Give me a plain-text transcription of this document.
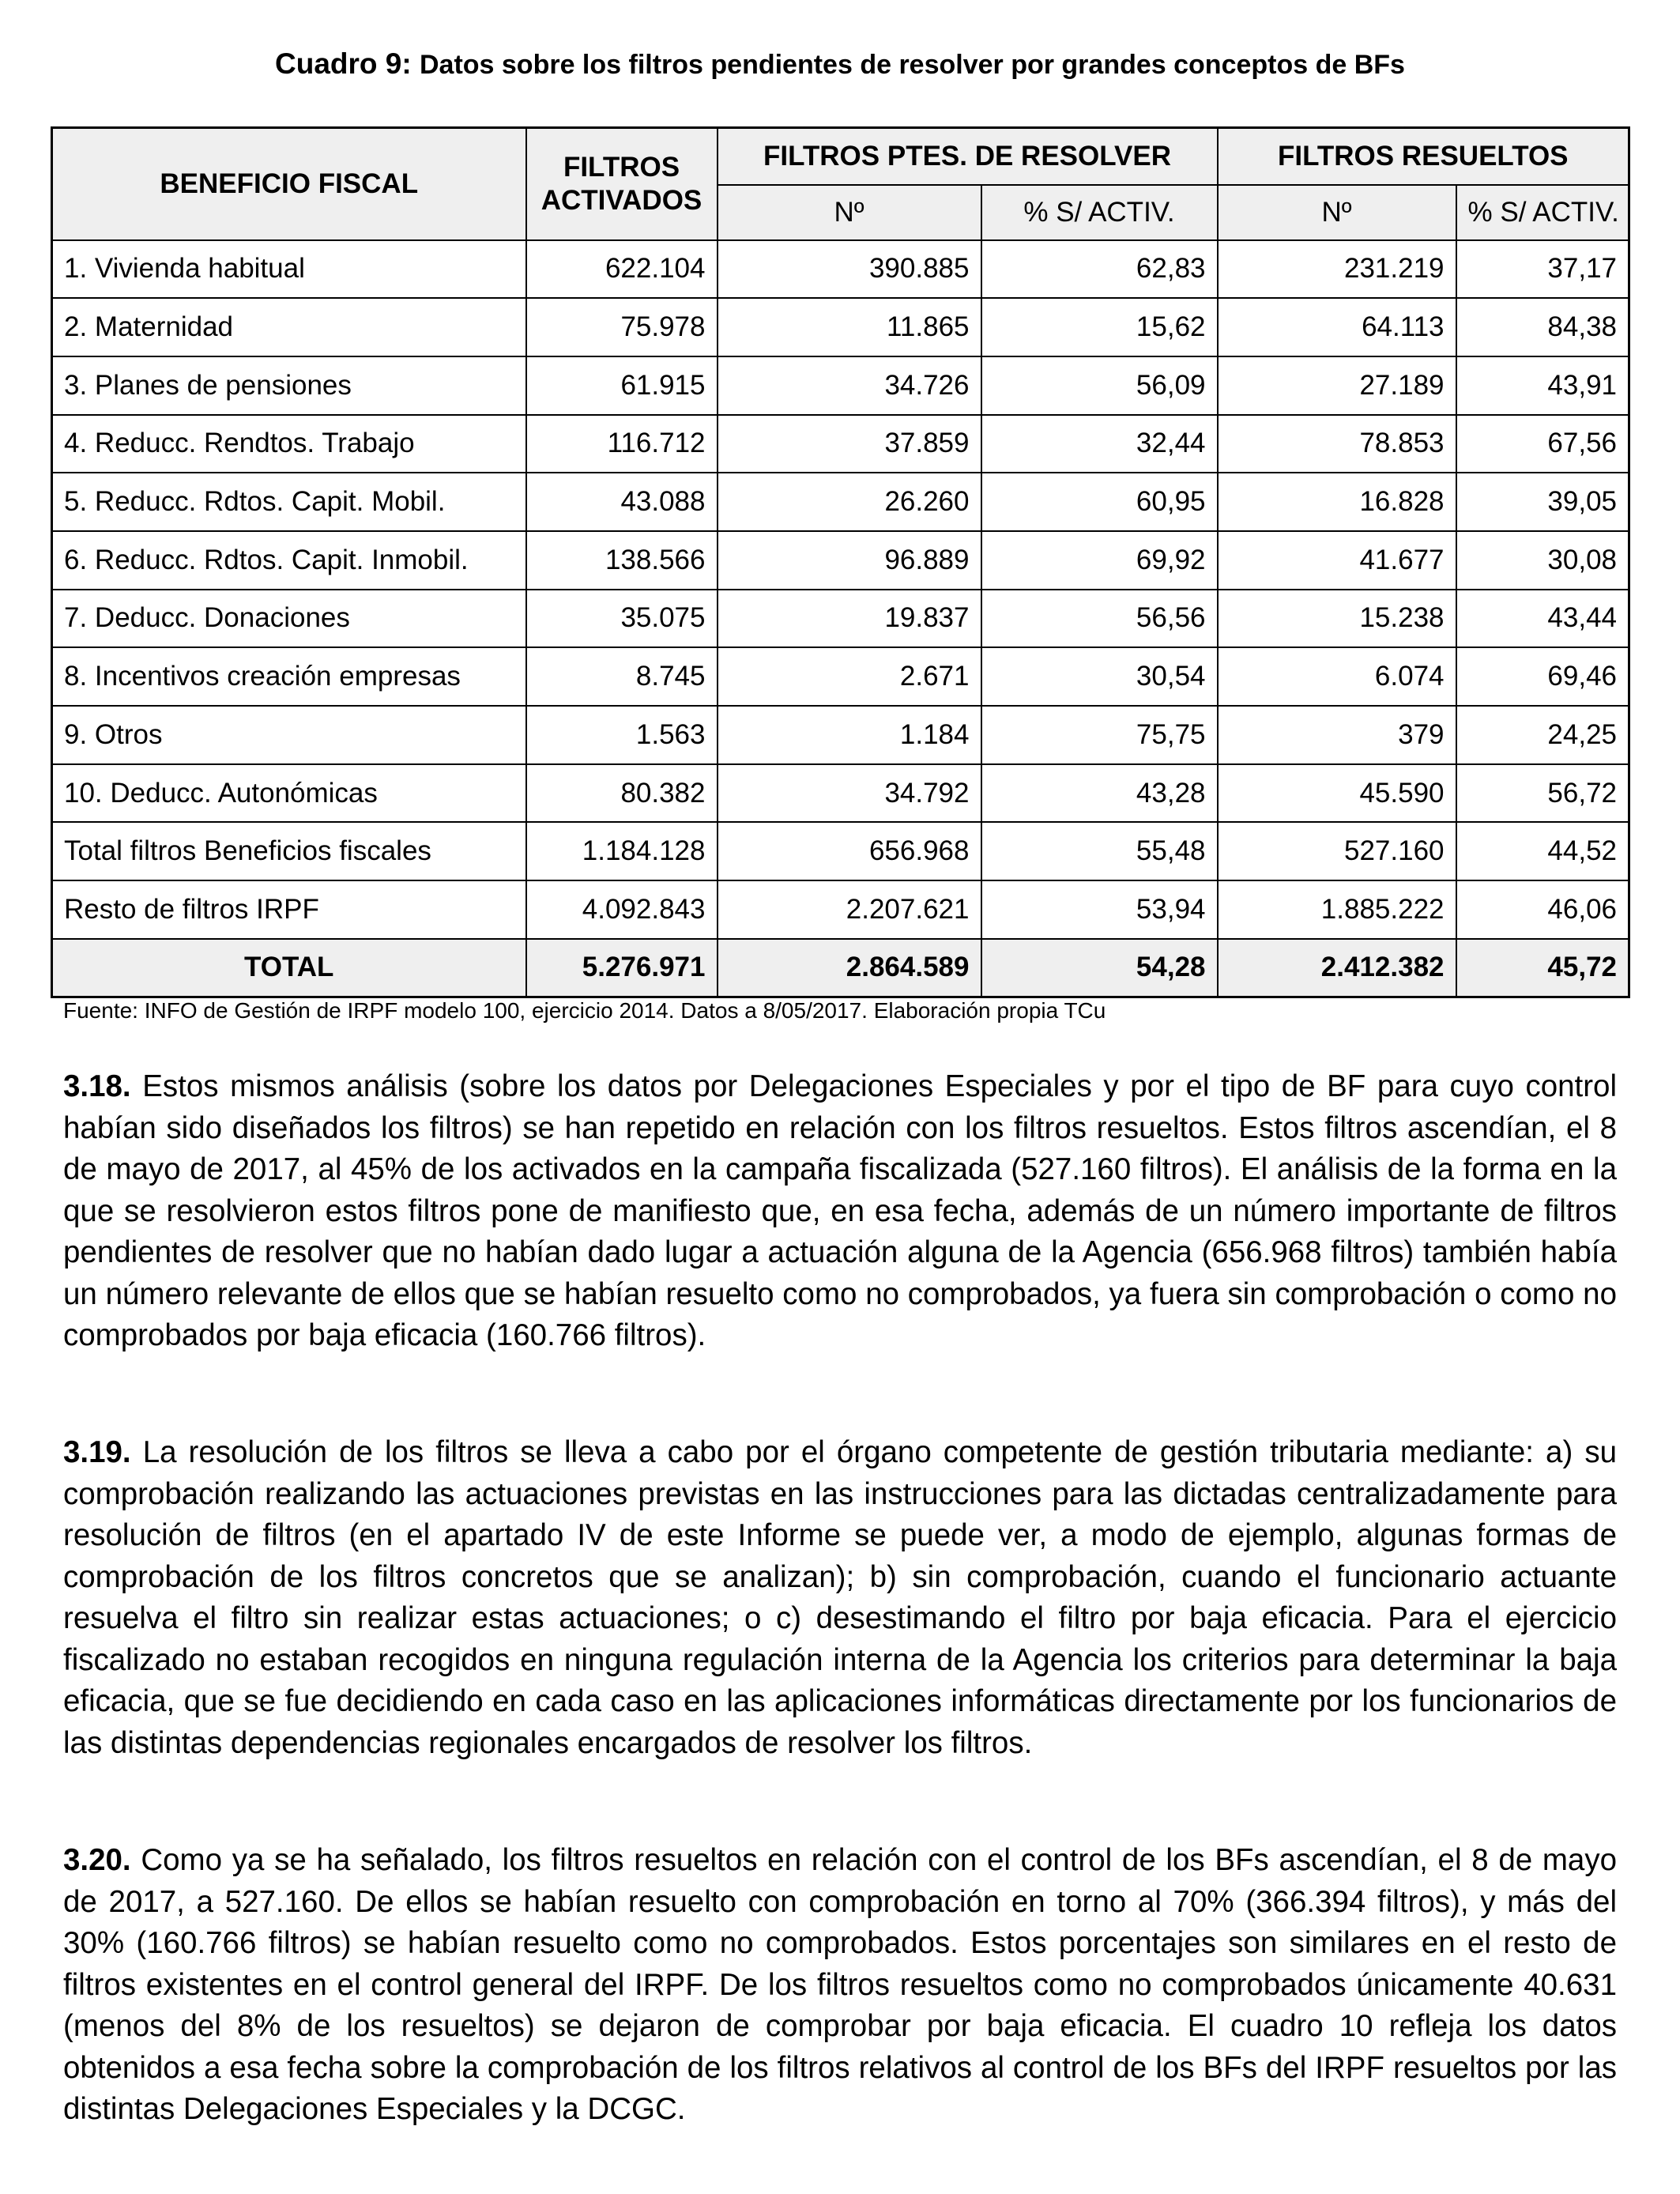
Cuadro 9: Datos sobre los filtros pendientes de resolver por grandes conceptos de BFs
BENEFICIO FISCAL	FILTROS ACTIVADOS	FILTROS PTES. DE RESOLVER		FILTROS RESUELTOS	
		Nº	% S/ ACTIV.	Nº	% S/ ACTIV.
1. Vivienda habitual	622.104	390.885	62,83	231.219	37,17
2. Maternidad	75.978	11.865	15,62	64.113	84,38
3. Planes de pensiones	61.915	34.726	56,09	27.189	43,91
4. Reducc. Rendtos. Trabajo	116.712	37.859	32,44	78.853	67,56
5. Reducc. Rdtos. Capit. Mobil.	43.088	26.260	60,95	16.828	39,05
6. Reducc. Rdtos. Capit. Inmobil.	138.566	96.889	69,92	41.677	30,08
7. Deducc. Donaciones	35.075	19.837	56,56	15.238	43,44
8. Incentivos creación empresas	8.745	2.671	30,54	6.074	69,46
9. Otros	1.563	1.184	75,75	379	24,25
10. Deducc. Autonómicas	80.382	34.792	43,28	45.590	56,72
Total filtros Beneficios fiscales	1.184.128	656.968	55,48	527.160	44,52
Resto de filtros IRPF	4.092.843	2.207.621	53,94	1.885.222	46,06
TOTAL	5.276.971	2.864.589	54,28	2.412.382	45,72
Fuente: INFO de Gestión de IRPF modelo 100, ejercicio 2014. Datos a 8/05/2017. Elaboración propia TCu

3.18. Estos mismos análisis (sobre los datos por Delegaciones Especiales y por el tipo de BF para cuyo control habían sido diseñados los filtros) se han repetido en relación con los filtros resueltos. Estos filtros ascendían, el 8 de mayo de 2017, al 45% de los activados en la campaña fiscalizada (527.160 filtros). El análisis de la forma en la que se resolvieron estos filtros pone de manifiesto que, en esa fecha, además de un número importante de filtros pendientes de resolver que no habían dado lugar a actuación alguna de la Agencia (656.968 filtros) también había un número relevante de ellos que se habían resuelto como no comprobados, ya fuera sin comprobación o como no comprobados por baja eficacia (160.766 filtros).

3.19. La resolución de los filtros se lleva a cabo por el órgano competente de gestión tributaria mediante: a) su comprobación realizando las actuaciones previstas en las instrucciones para las dictadas centralizadamente para resolución de filtros (en el apartado IV de este Informe se puede ver, a modo de ejemplo, algunas formas de comprobación de los filtros concretos que se analizan); b) sin comprobación, cuando el funcionario actuante resuelva el filtro sin realizar estas actuaciones; o c) desestimando el filtro por baja eficacia. Para el ejercicio fiscalizado no estaban recogidos en ninguna regulación interna de la Agencia los criterios para determinar la baja eficacia, que se fue decidiendo en cada caso en las aplicaciones informáticas directamente por los funcionarios de las distintas dependencias regionales encargados de resolver los filtros.

3.20. Como ya se ha señalado, los filtros resueltos en relación con el control de los BFs ascendían, el 8 de mayo de 2017, a 527.160. De ellos se habían resuelto con comprobación en torno al 70% (366.394 filtros), y más del 30% (160.766 filtros) se habían resuelto como no comprobados. Estos porcentajes son similares en el resto de filtros existentes en el control general del IRPF. De los filtros resueltos como no comprobados únicamente 40.631 (menos del 8% de los resueltos) se dejaron de comprobar por baja eficacia. El cuadro 10 refleja los datos obtenidos a esa fecha sobre la comprobación de los filtros relativos al control de los BFs del IRPF resueltos por las distintas Delegaciones Especiales y la DCGC.
